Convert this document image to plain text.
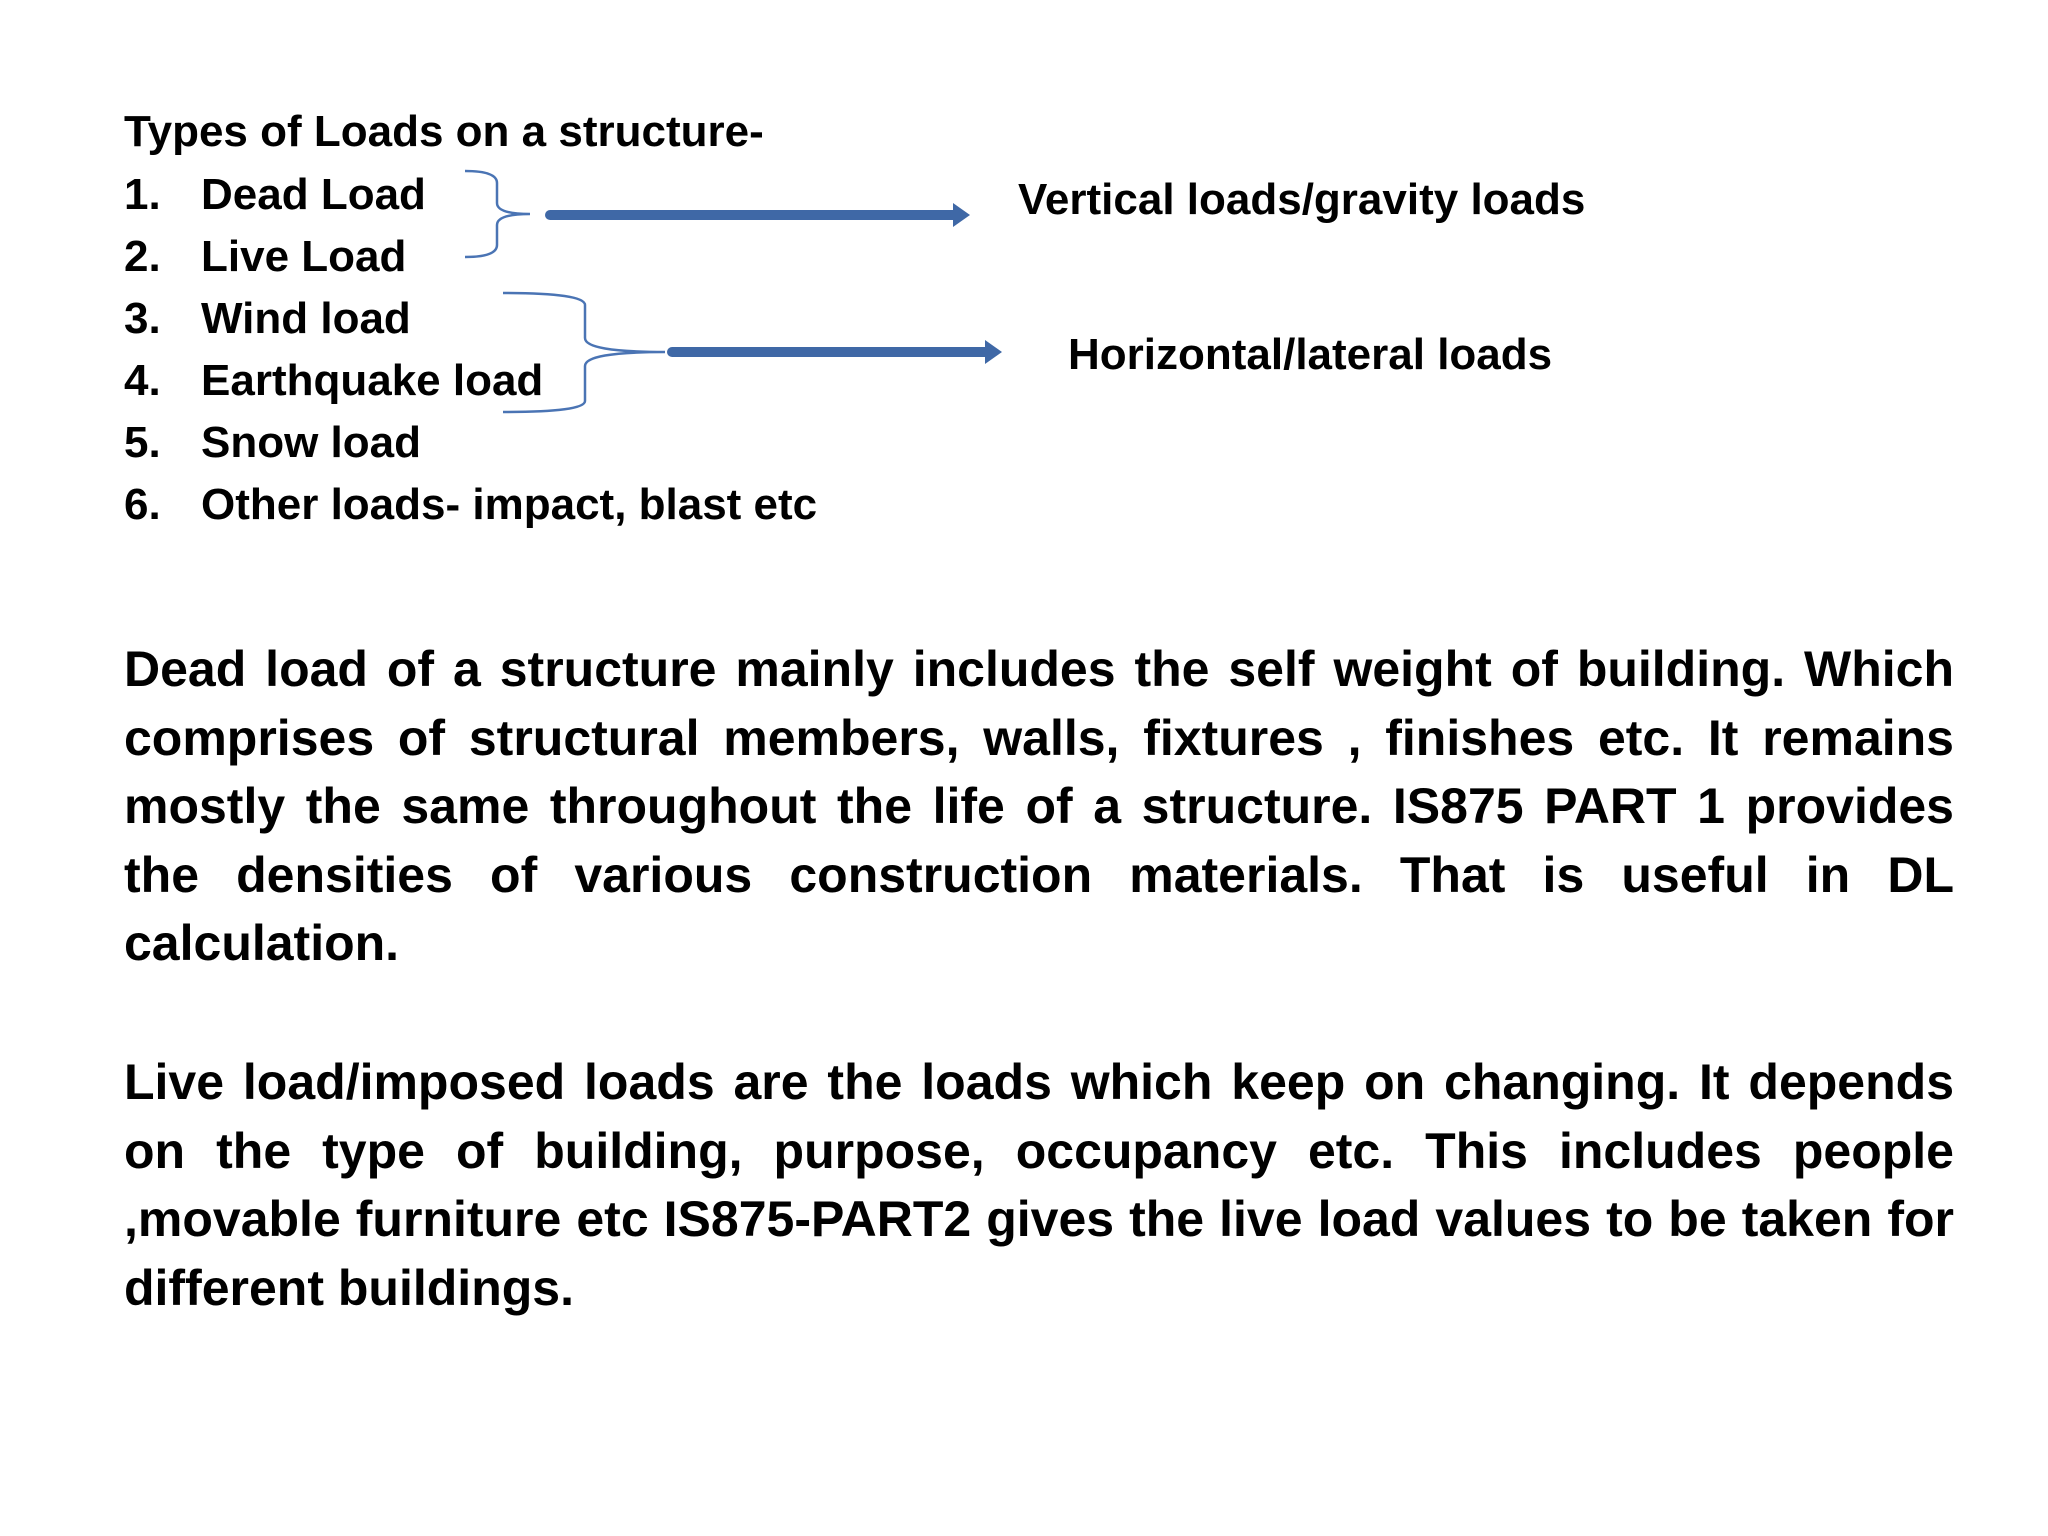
Types of Loads on a structure-
1. Dead Load
2. Live Load
3. Wind load
4. Earthquake load
5. Snow load
6. Other loads- impact, blast etc
Vertical loads/gravity loads
Horizontal/lateral loads

Dead load of a structure mainly includes the self weight of building. Which comprises of structural members, walls, fixtures , finishes etc. It remains mostly the same throughout the life of a structure. IS875 PART 1 provides the densities of various construction materials. That is useful in DL calculation.

Live load/imposed loads are the loads which keep on changing. It depends on the type of building, purpose, occupancy etc. This includes people ,movable furniture etc IS875-PART2 gives the live load values to be taken for different buildings.
